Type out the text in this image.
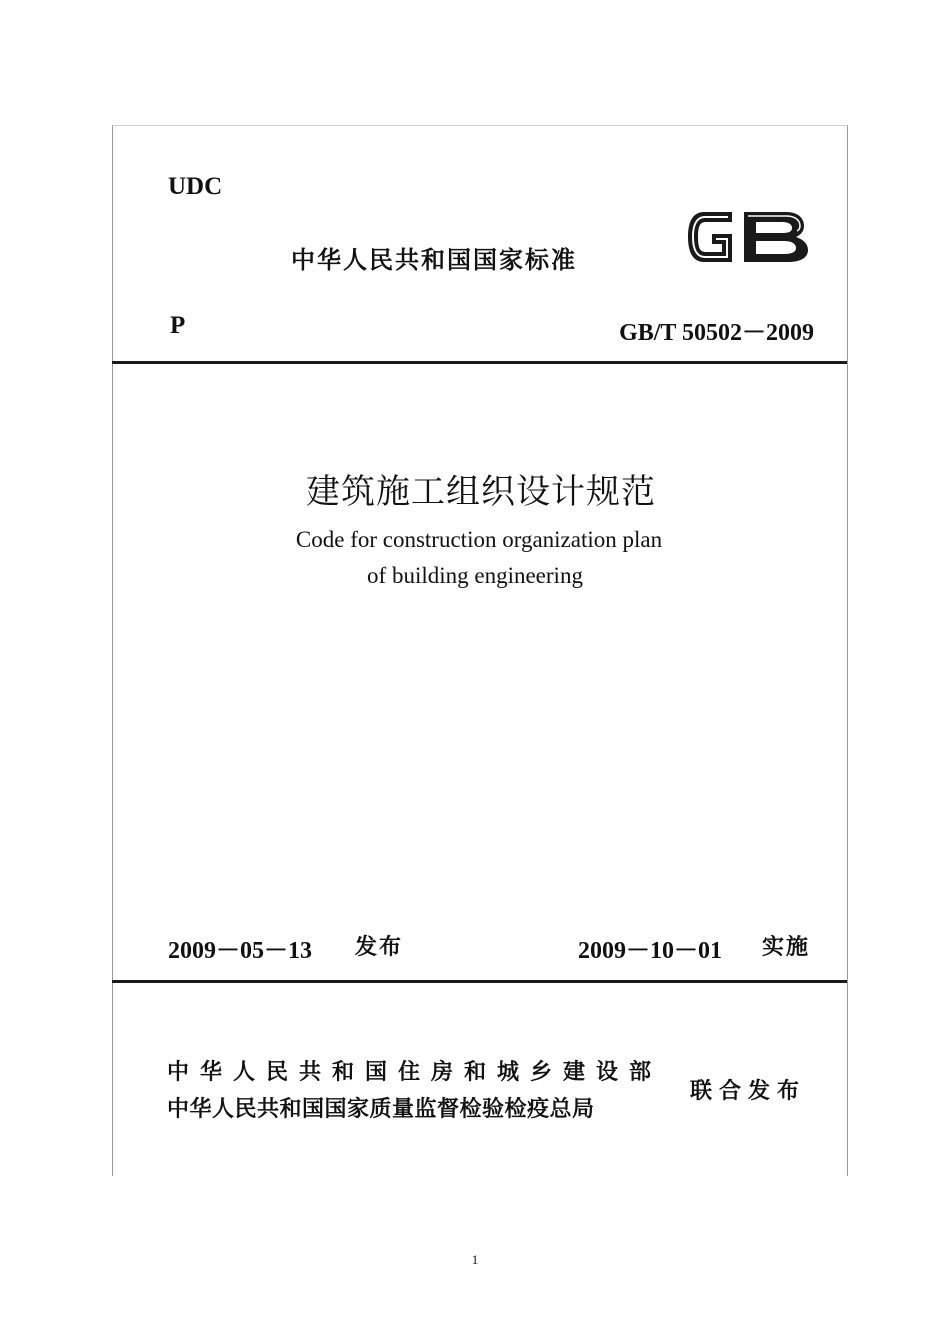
UDC
中华人民共和国国家标准
P	GB/T 50502－2009
建筑施工组织设计规范
Code for construction organization plan
of building engineering
2009－05－13 发布	2009－10－01 实施
中华人民共和国住房和城乡建设部
中华人民共和国国家质量监督检验检疫总局
联合发布
1
